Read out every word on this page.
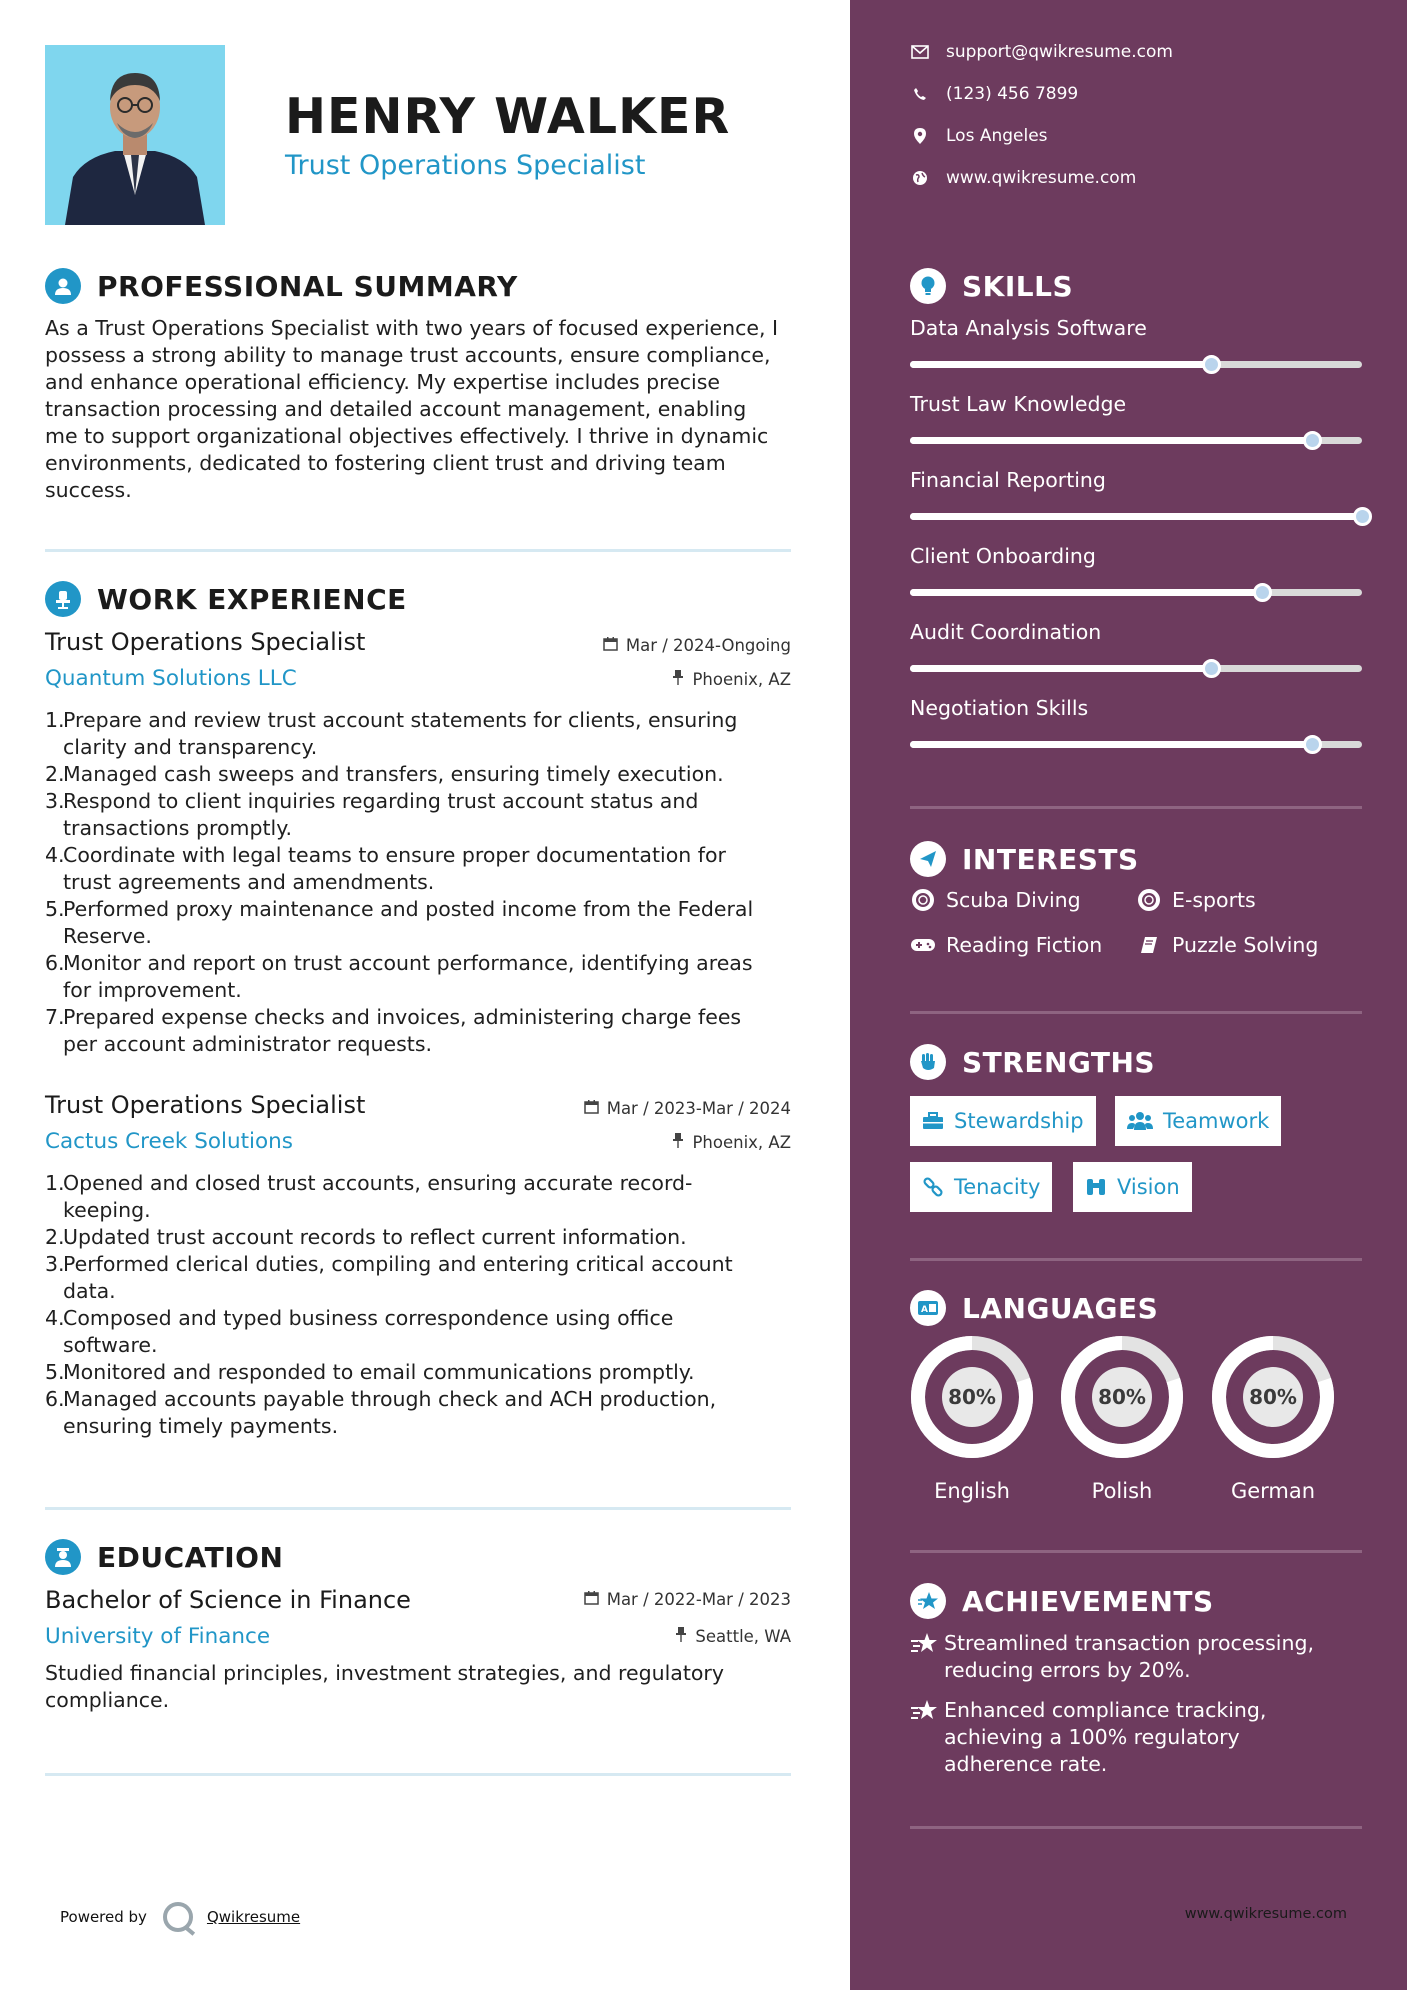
HENRY WALKER
Trust Operations Specialist
PROFESSIONAL SUMMARY
As a Trust Operations Specialist with two years of focused experience, I
possess a strong ability to manage trust accounts, ensure compliance,
and enhance operational efficiency. My expertise includes precise
transaction processing and detailed account management, enabling
me to support organizational objectives effectively. I thrive in dynamic
environments, dedicated to fostering client trust and driving team
success.
WORK EXPERIENCE
Trust Operations Specialist	Mar / 2024-Ongoing
Quantum Solutions LLC	Phoenix, AZ
1.
Prepare and review trust account statements for clients, ensuring
clarity and transparency.
2.
Managed cash sweeps and transfers, ensuring timely execution.
3.
Respond to client inquiries regarding trust account status and
transactions promptly.
4.
Coordinate with legal teams to ensure proper documentation for
trust agreements and amendments.
5.
Performed proxy maintenance and posted income from the Federal
Reserve.
6.
Monitor and report on trust account performance, identifying areas
for improvement.
7.
Prepared expense checks and invoices, administering charge fees
per account administrator requests.
Trust Operations Specialist	Mar / 2023-Mar / 2024
Cactus Creek Solutions	Phoenix, AZ
1.
Opened and closed trust accounts, ensuring accurate record-
keeping.
2.
Updated trust account records to reflect current information.
3.
Performed clerical duties, compiling and entering critical account
data.
4.
Composed and typed business correspondence using office
software.
5.
Monitored and responded to email communications promptly.
6.
Managed accounts payable through check and ACH production,
ensuring timely payments.
EDUCATION
Bachelor of Science in Finance	Mar / 2022-Mar / 2023
University of Finance	Seattle, WA
Studied financial principles, investment strategies, and regulatory
compliance.
Powered by	Qwikresume
support@qwikresume.com
(123) 456 7899
Los Angeles
www.qwikresume.com
SKILLS
Data Analysis Software
Trust Law Knowledge
Financial Reporting
Client Onboarding
Audit Coordination
Negotiation Skills
INTERESTS
Scuba Diving	E-sports
Reading Fiction	Puzzle Solving
STRENGTHS
Stewardship	Teamwork
Tenacity	Vision
A LANGUAGES
80%
English
80%
Polish
80%
German
ACHIEVEMENTS
Streamlined transaction processing,
reducing errors by 20%.
Enhanced compliance tracking,
achieving a 100% regulatory
adherence rate.
www.qwikresume.com
